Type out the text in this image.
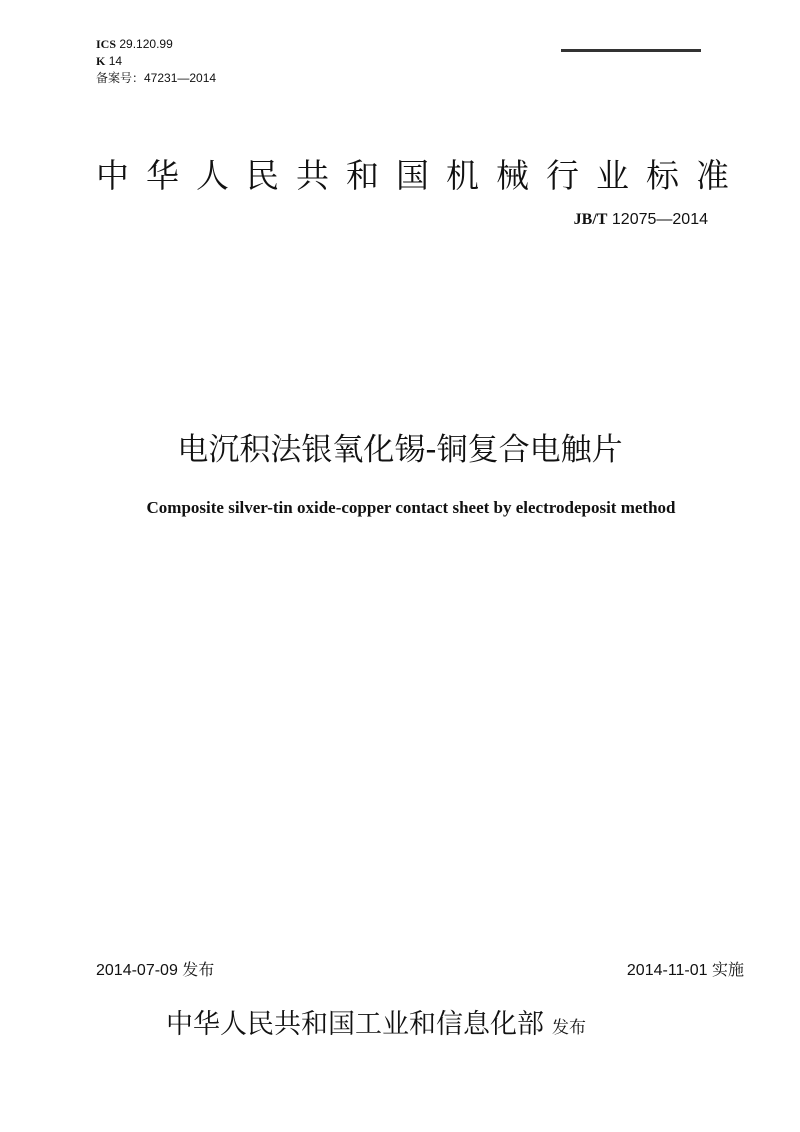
ICS 29.120.99
K 14
备案号：47231—2014
中华人民共和国机械行业标准
JB/T 12075—2014
电沉积法银氧化锡-铜复合电触片
Composite silver-tin oxide-copper contact sheet by electrodeposit method
2014-07-09 发布	2014-11-01 实施
中华人民共和国工业和信息化部 发布
